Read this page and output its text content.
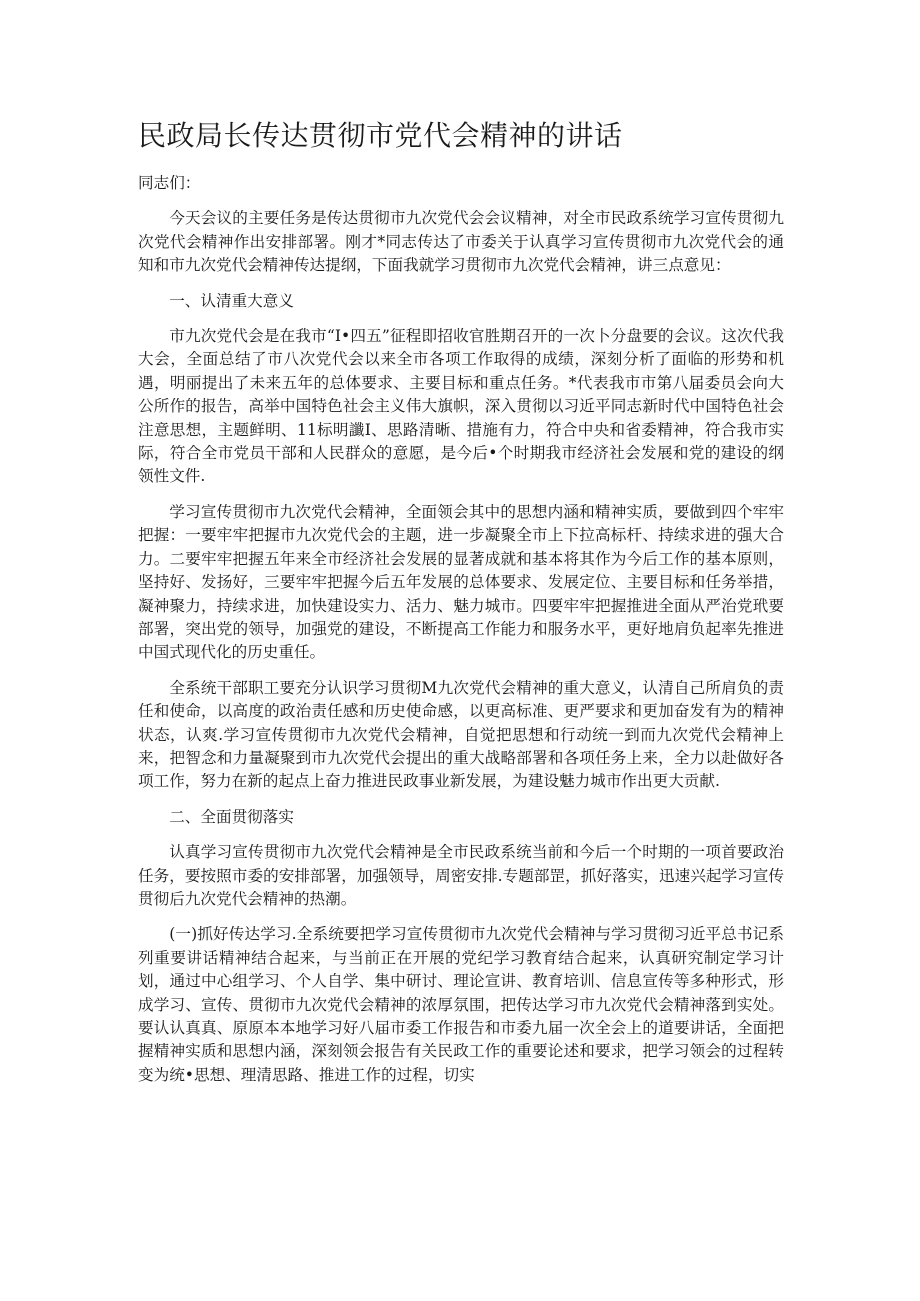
民政局长传达贯彻市党代会精神的讲话

同志们：

今天会议的主要任务是传达贯彻市九次党代会会议精神，对全市民政系统学习宣传贯彻九次党代会精神作出安排部署。刚才*同志传达了市委关于认真学习宣传贯彻市九次党代会的通知和市九次党代会精神传达提纲，下面我就学习贯彻市九次党代会精神，讲三点意见：

一、认清重大意义

市九次党代会是在我市“I•四五”征程即招收官胜期召开的一次卜分盘要的会议。这次代我大会，全面总结了市八次党代会以来全市各项工作取得的成绩，深刻分析了面临的形势和机遇，明丽提出了未来五年的总体要求、主要目标和重点任务。*代表我市市第八届委员会向大公所作的报告，高举中国特色社会主义伟大旗帜，深入贯彻以习近平同志新时代中国特色社会注意思想，主题鲜明、11标明讖I、思路清晰、措施有力，符合中央和省委精神，符合我市实际，符合全市党员干部和人民群众的意愿，是今后•个时期我市经济社会发展和党的建设的纲领性文件.

学习宣传贯彻市九次党代会精神，全面领会其中的思想内涵和精神实质，要做到四个牢牢把握：一要牢牢把握市九次党代会的主题，进一步凝聚全市上下拉高标杆、持续求进的强大合力。二要牢牢把握五年来全市经济社会发展的显著成就和基本将其作为今后工作的基本原则，坚持好、发扬好，三要牢牢把握今后五年发展的总体要求、发展定位、主要目标和任务举措，凝神聚力，持续求进，加快建设实力、活力、魅力城市。四要牢牢把握推进全面从严治党玳要部署，突出党的领导，加强党的建设，不断提高工作能力和服务水平，更好地肩负起率先推进中国式现代化的历史重任。

全系统干部职工要充分认识学习贯彻M九次党代会精神的重大意义，认清自己所肩负的责任和使命，以高度的政治责任感和历史使命感，以更高标准、更严要求和更加奋发有为的精神状态，认爽.学习宣传贯彻市九次党代会精神，自觉把思想和行动统一到而九次党代会精神上来，把智念和力量凝聚到市九次党代会提出的重大战略部署和各项任务上来，全力以赴做好各项工作，努力在新的起点上奋力推进民政事业新发展，为建设魅力城市作出更大贡献.

二、全面贯彻落实

认真学习宣传贯彻市九次党代会精神是全市民政系统当前和今后一个时期的一项首要政治任务，要按照市委的安排部署，加强领导，周密安排.专题部罡，抓好落实，迅速兴起学习宣传贯彻后九次党代会精神的热潮。

(一)抓好传达学习.全系统要把学习宣传贯彻市九次党代会精神与学习贯彻习近平总书记系列重要讲话精神结合起来，与当前正在开展的党纪学习教育结合起来，认真研究制定学习计划，通过中心组学习、个人自学、集中研讨、理论宣讲、教育培训、信息宣传等多种形式，形成学习、宣传、贯彻市九次党代会精神的浓厚氛围，把传达学习市九次党代会精神落到实处。要认认真真、原原本本地学习好八届市委工作报告和市委九届一次全会上的道要讲话，全面把握精神实质和思想内涵，深刻领会报告有关民政工作的重要论述和要求，把学习领会的过程转变为统•思想、理清思路、推进工作的过程，切实
